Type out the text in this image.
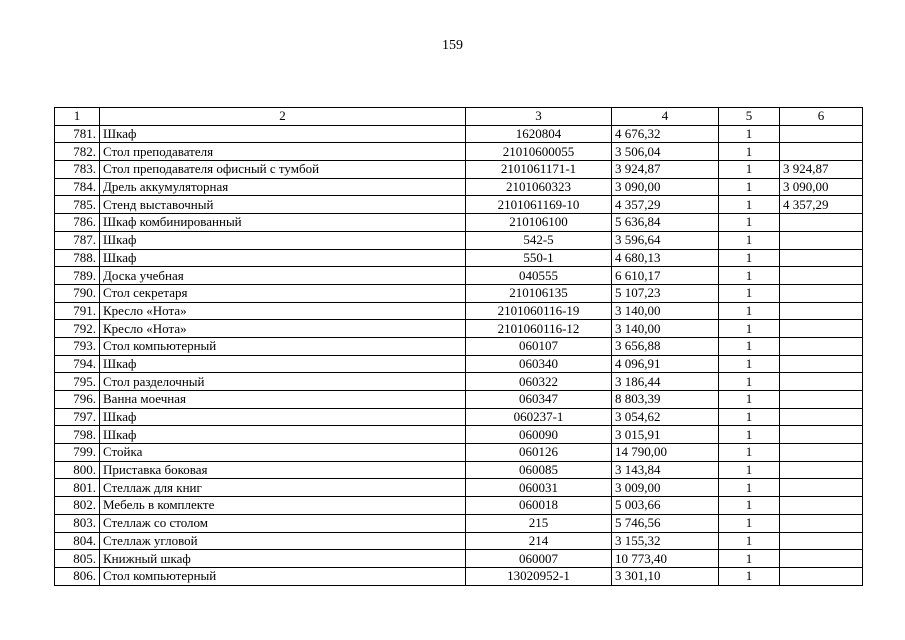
159
1	2	3	4	5	6
781.	Шкаф	1620804	4 676,32	1	
782.	Стол преподавателя	21010600055	3 506,04	1	
783.	Стол преподавателя офисный с тумбой	2101061171-1	3 924,87	1	3 924,87
784.	Дрель аккумуляторная	2101060323	3 090,00	1	3 090,00
785.	Стенд выставочный	2101061169-10	4 357,29	1	4 357,29
786.	Шкаф комбинированный	210106100	5 636,84	1	
787.	Шкаф	542-5	3 596,64	1	
788.	Шкаф	550-1	4 680,13	1	
789.	Доска учебная	040555	6 610,17	1	
790.	Стол секретаря	210106135	5 107,23	1	
791.	Кресло «Нота»	2101060116-19	3 140,00	1	
792.	Кресло «Нота»	2101060116-12	3 140,00	1	
793.	Стол компьютерный	060107	3 656,88	1	
794.	Шкаф	060340	4 096,91	1	
795.	Стол разделочный	060322	3 186,44	1	
796.	Ванна моечная	060347	8 803,39	1	
797.	Шкаф	060237-1	3 054,62	1	
798.	Шкаф	060090	3 015,91	1	
799.	Стойка	060126	14 790,00	1	
800.	Приставка боковая	060085	3 143,84	1	
801.	Стеллаж для книг	060031	3 009,00	1	
802.	Мебель в комплекте	060018	5 003,66	1	
803.	Стеллаж со столом	215	5 746,56	1	
804.	Стеллаж угловой	214	3 155,32	1	
805.	Книжный шкаф	060007	10 773,40	1	
806.	Стол компьютерный	13020952-1	3 301,10	1	
